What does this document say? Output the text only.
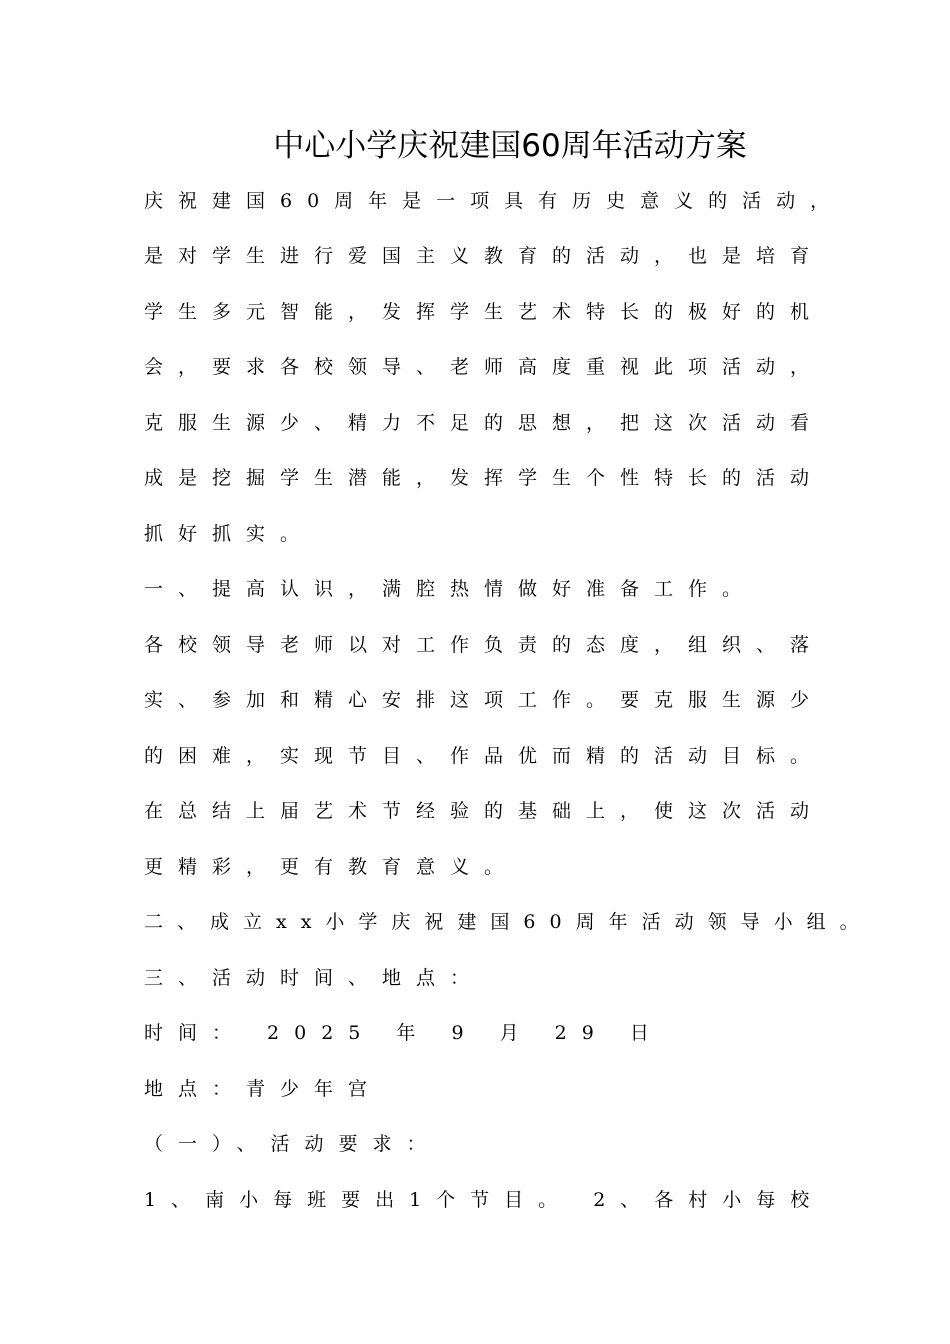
中心小学庆祝建国60周年活动方案
庆祝建国60周年是一项具有历史意义的活动，
是对学生进行爱国主义教育的活动，也是培育
学生多元智能，发挥学生艺术特长的极好的机
会，要求各校领导、老师高度重视此项活动，
克服生源少、精力不足的思想，把这次活动看
成是挖掘学生潜能，发挥学生个性特长的活动
抓好抓实。
一、提高认识，满腔热情做好准备工作。
各校领导老师以对工作负责的态度，组织、落
实、参加和精心安排这项工作。要克服生源少
的困难，实现节目、作品优而精的活动目标。
在总结上届艺术节经验的基础上，使这次活动
更精彩，更有教育意义。
二、成立xx小学庆祝建国60周年活动领导小组。
三、活动时间、地点：
时间： 2025 年 9 月 29 日
地点：青少年宫
（一）、活动要求：
1、南小每班要出1个节目。 2、各村小每校
